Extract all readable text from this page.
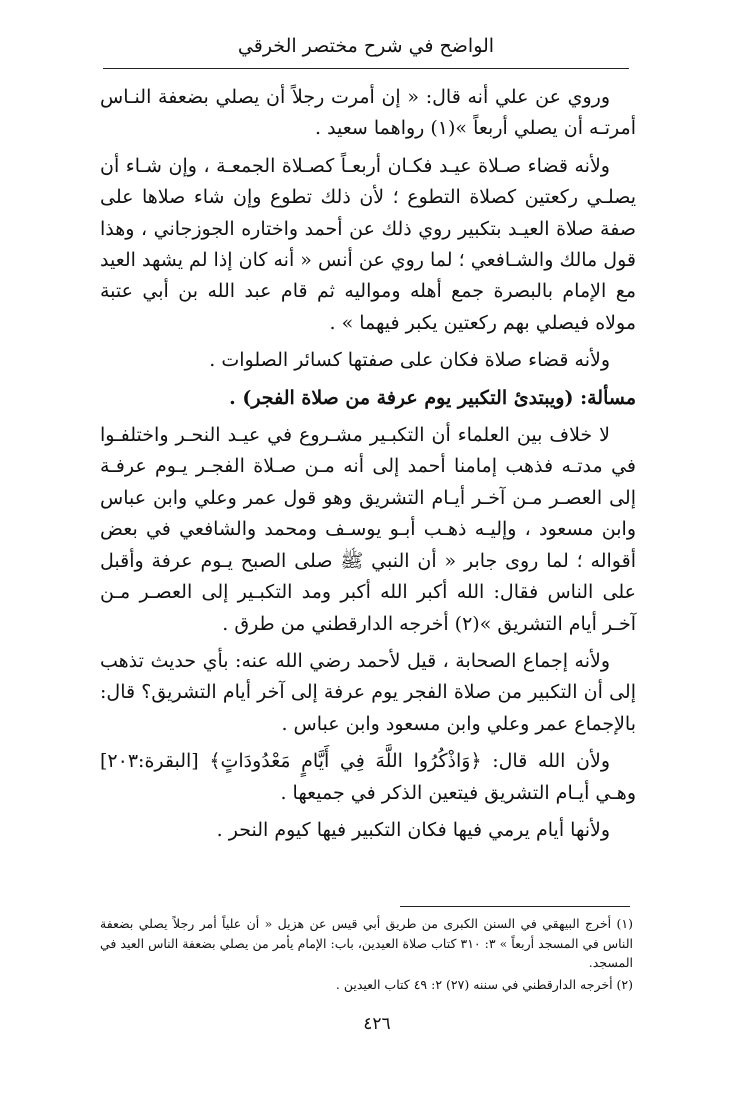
الواضح في شرح مختصر الخرقي

وروي عن علي أنه قال: « إن أمرت رجلاً أن يصلي بضعفة النـاس أمرتـه أن يصلي أربعاً »(١) رواهما سعيد .

ولأنه قضاء صـلاة عيـد فكـان أربعـاً كصـلاة الجمعـة ، وإن شـاء أن يصلـي ركعتين كصلاة التطوع ؛ لأن ذلك تطوع وإن شاء صلاها على صفة صلاة العيـد بتكبير روي ذلك عن أحمد واختاره الجوزجاني ، وهذا قول مالك والشـافعي ؛ لما روي عن أنس « أنه كان إذا لم يشهد العيد مع الإمام بالبصرة جمع أهله ومواليه ثم قام عبد الله بن أبي عتبة مولاه فيصلي بهم ركعتين يكبر فيهما » .

ولأنه قضاء صلاة فكان على صفتها كسائر الصلوات .

مسألة: (ويبتدئ التكبير يوم عرفة من صلاة الفجر) .

لا خلاف بين العلماء أن التكبـير مشـروع في عيـد النحـر واختلفـوا في مدتـه فذهب إمامنا أحمد إلى أنه مـن صـلاة الفجـر يـوم عرفـة إلى العصـر مـن آخـر أيـام التشريق وهو قول عمر وعلي وابن عباس وابن مسعود ، وإليـه ذهـب أبـو يوسـف ومحمد والشافعي في بعض أقواله ؛ لما روى جابر « أن النبي ﷺ صلى الصبح يـوم عرفة وأقبل على الناس فقال: الله أكبر الله أكبر ومد التكبـير إلى العصـر مـن آخـر أيام التشريق »(٢) أخرجه الدارقطني من طرق .

ولأنه إجماع الصحابة ، قيل لأحمد رضي الله عنه: بأي حديث تذهب إلى أن التكبير من صلاة الفجر يوم عرفة إلى آخر أيام التشريق؟ قال: بالإجماع عمر وعلي وابن مسعود وابن عباس .

ولأن الله قال: ﴿وَاذْكُرُوا اللَّهَ فِي أَيَّامٍ مَعْدُودَاتٍ﴾ [البقرة:٢٠٣] وهـي أيـام التشريق فيتعين الذكر في جميعها .

ولأنها أيام يرمي فيها فكان التكبير فيها كيوم النحر .

(١) أخرج البيهقي في السنن الكبرى من طريق أبي قيس عن هزيل « أن علياً أمر رجلاً يصلي بضعفة الناس في المسجد أربعاً » ٣: ٣١٠ كتاب صلاة العيدين، باب: الإمام يأمر من يصلي بضعفة الناس العيد في المسجد.

(٢) أخرجه الدارقطني في سننه (٢٧) ٢: ٤٩ كتاب العيدين .

٤٢٦
